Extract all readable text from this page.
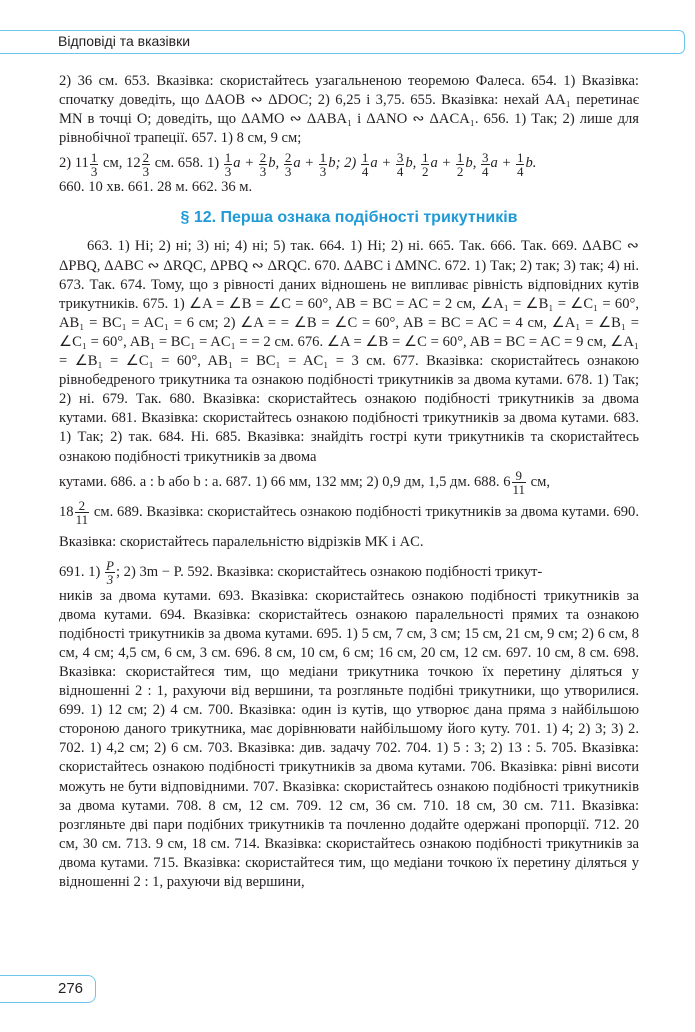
Відповіді та вказівки

2) 36 см. 653. Вказівка: скористайтесь узагальненою теоремою Фалеса. 654. 1) Вказівка: спочатку доведіть, що ΔAOB ∾ ΔDOC; 2) 6,25 і 3,75. 655. Вказівка: нехай AA₁ перетинає MN в точці O; доведіть, що ΔAMO ∾ ΔABA₁ і ΔANO ∾ ΔACA₁. 656. 1) Так; 2) лише для рівнобічної трапеції. 657. 1) 8 см, 9 см;

2) $11 \frac{1}{3}$ см, $12 \frac{2}{3}$ см. 658. $1) \frac{1}{3}$ $a + \frac{2}{3} b$, $\frac{2}{3}$ $a + \frac{1}{3} b$; $2) \frac{1}{4}$ $a + \frac{3}{4} b$, $\frac{1}{2}$ $a + \frac{1}{2} b$, $\frac{3}{4}$ $a + \frac{1}{4} b$.

660. 10 хв. 661. 28 м. 662. 36 м.

§ 12. Перша ознака подібності трикутників

663. 1) Ні; 2) ні; 3) ні; 4) ні; 5) так. 664. 1) Ні; 2) ні. 665. Так. 666. Так. 669. ΔABC ∾ ΔPBQ, ΔABC ∾ ΔRQC, ΔPBQ ∾ ΔRQC. 670. ΔABC і ΔMNC. 672. 1) Так; 2) так; 3) так; 4) ні. 673. Так. 674. Тому, що з рівності даних відношень не випливає рівність відповідних кутів трикутників. 675. 1) ∠A = ∠B = ∠C = 60°, AB = BC = AC = 2 см, ∠A₁ = ∠B₁ = ∠C₁ = 60°, AB₁ = BC₁ = AC₁ = 6 см; 2) ∠A = = ∠B = ∠C = 60°, AB = BC = AC = 4 см, ∠A₁ = ∠B₁ = ∠C₁ = 60°, AB₁ = BC₁ = AC₁ = = 2 см. 676. ∠A = ∠B = ∠C = 60°, AB = BC = AC = 9 см, ∠A₁ = ∠B₁ = ∠C₁ = 60°, AB₁ = BC₁ = AC₁ = 3 см. 677. Вказівка: скористайтесь ознакою рівнобедреного трикутника та ознакою подібності трикутників за двома кутами. 678. 1) Так; 2) ні. 679. Так. 680. Вказівка: скористайтесь ознакою подібності трикутників за двома кутами. 681. Вказівка: скористайтесь ознакою подібності трикутників за двома кутами. 683. 1) Так; 2) так. 684. Ні. 685. Вказівка: знайдіть гострі кути трикутників та скористайтесь ознакою подібності трикутників за двома

кутами. 686. a : b або b : a. 687. 1) 66 мм, 132 мм; 2) 0,9 дм, 1,5 дм. 688. $6 \frac{9}{11}$ см,

$18 \frac{2}{11}$ см. 689. Вказівка: скористайтесь ознакою подібності трикутників за двома кутами. 690. Вказівка: скористайтесь паралельністю відрізків MK і AC.

691. $1) \frac{P}{3}$ ; 2) 3m − P. 592. Вказівка: скористайтесь ознакою подібності трикут-

ників за двома кутами. 693. Вказівка: скористайтесь ознакою подібності трикутників за двома кутами. 694. Вказівка: скористайтесь ознакою паралельності прямих та ознакою подібності трикутників за двома кутами. 695. 1) 5 см, 7 см, 3 см; 15 см, 21 см, 9 см; 2) 6 см, 8 см, 4 см; 4,5 см, 6 см, 3 см. 696. 8 см, 10 см, 6 см; 16 см, 20 см, 12 см. 697. 10 см, 8 см. 698. Вказівка: скористайтеся тим, що медіани трикутника точкою їх перетину діляться у відношенні 2 : 1, рахуючи від вершини, та розгляньте подібні трикутники, що утворилися. 699. 1) 12 см; 2) 4 см. 700. Вказівка: один із кутів, що утворює дана пряма з найбільшою стороною даного трикутника, має дорівнювати найбільшому його куту. 701. 1) 4; 2) 3; 3) 2. 702. 1) 4,2 см; 2) 6 см. 703. Вказівка: див. задачу 702. 704. 1) 5 : 3; 2) 13 : 5. 705. Вказівка: скористайтесь ознакою подібності трикутників за двома кутами. 706. Вказівка: рівні висоти можуть не бути відповідними. 707. Вказівка: скористайтесь ознакою подібності трикутників за двома кутами. 708. 8 см, 12 см. 709. 12 см, 36 см. 710. 18 см, 30 см. 711. Вказівка: розгляньте дві пари подібних трикутників та почленно додайте одержані пропорції. 712. 20 см, 30 см. 713. 9 см, 18 см. 714. Вказівка: скористайтесь ознакою подібності трикутників за двома кутами. 715. Вказівка: скористайтеся тим, що медіани точкою їх перетину діляться у відношенні 2 : 1, рахуючи від вершини,

276
